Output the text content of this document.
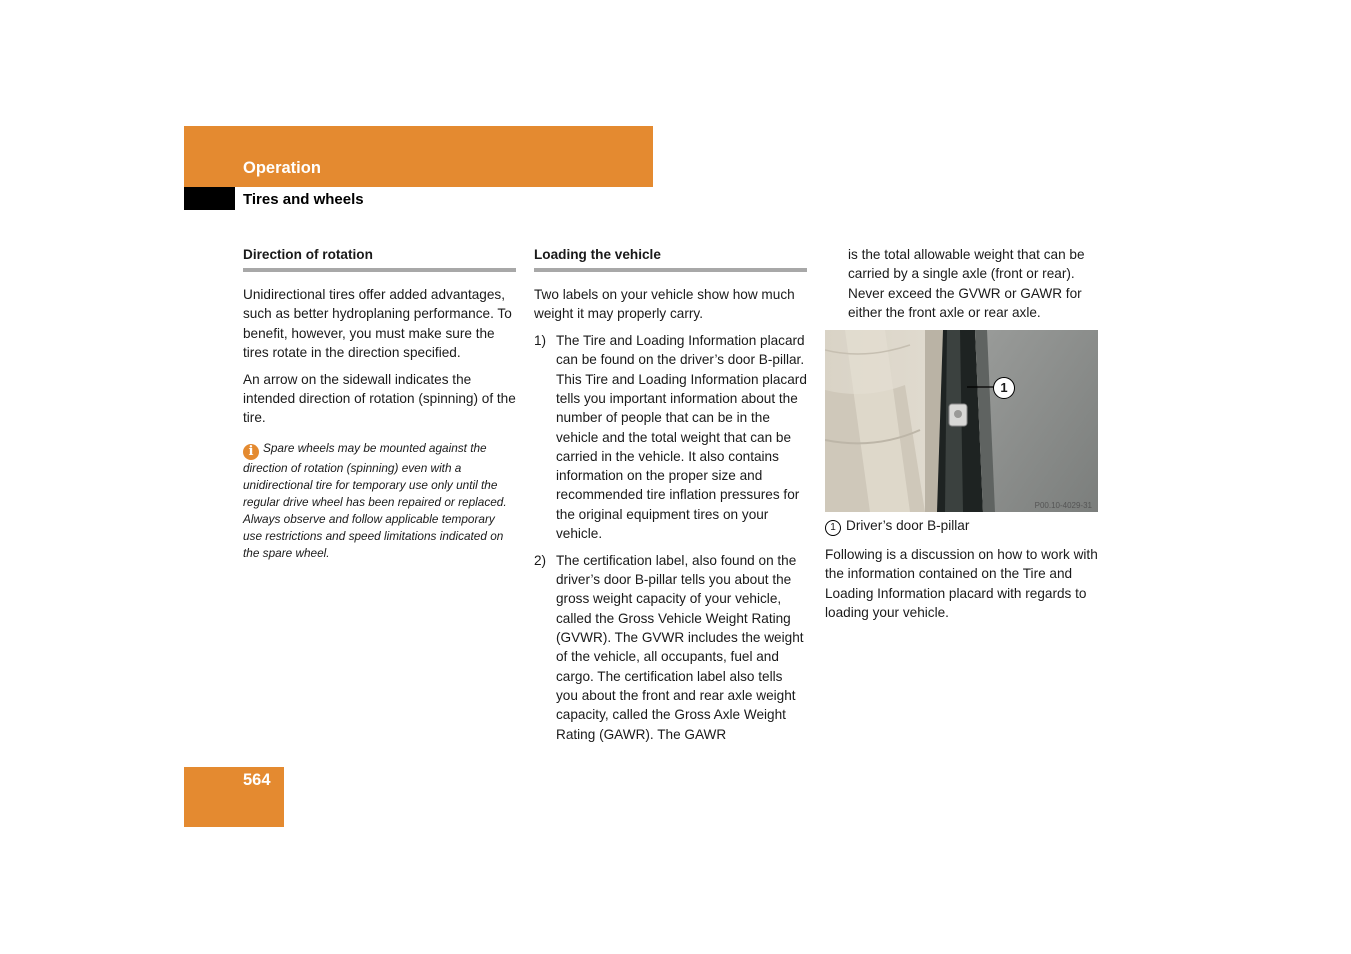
Operation
Tires and wheels
Direction of rotation

Unidirectional tires offer added advantages, such as better hydroplaning performance. To benefit, however, you must make sure the tires rotate in the direction specified.

An arrow on the sidewall indicates the intended direction of rotation (spinning) of the tire.

i Spare wheels may be mounted against the direction of rotation (spinning) even with a unidirectional tire for temporary use only until the regular drive wheel has been repaired or replaced. Always observe and follow applicable temporary use restrictions and speed limitations indicated on the spare wheel.
Loading the vehicle

Two labels on your vehicle show how much weight it may properly carry.

1) The Tire and Loading Information placard can be found on the driver’s door B-pillar. This Tire and Loading Information placard tells you important information about the number of people that can be in the vehicle and the total weight that can be carried in the vehicle. It also contains information on the proper size and recommended tire inflation pressures for the original equipment tires on your vehicle.
2) The certification label, also found on the driver’s door B-pillar tells you about the gross weight capacity of your vehicle, called the Gross Vehicle Weight Rating (GVWR). The GVWR includes the weight of the vehicle, all occupants, fuel and cargo. The certification label also tells you about the front and rear axle weight capacity, called the Gross Axle Weight Rating (GAWR). The GAWR
is the total allowable weight that can be carried by a single axle (front or rear). Never exceed the GVWR or GAWR for either the front axle or rear axle.
P00.10-4029-31
1
1 Driver’s door B-pillar
Following is a discussion on how to work with the information contained on the Tire and Loading Information placard with regards to loading your vehicle.
564
